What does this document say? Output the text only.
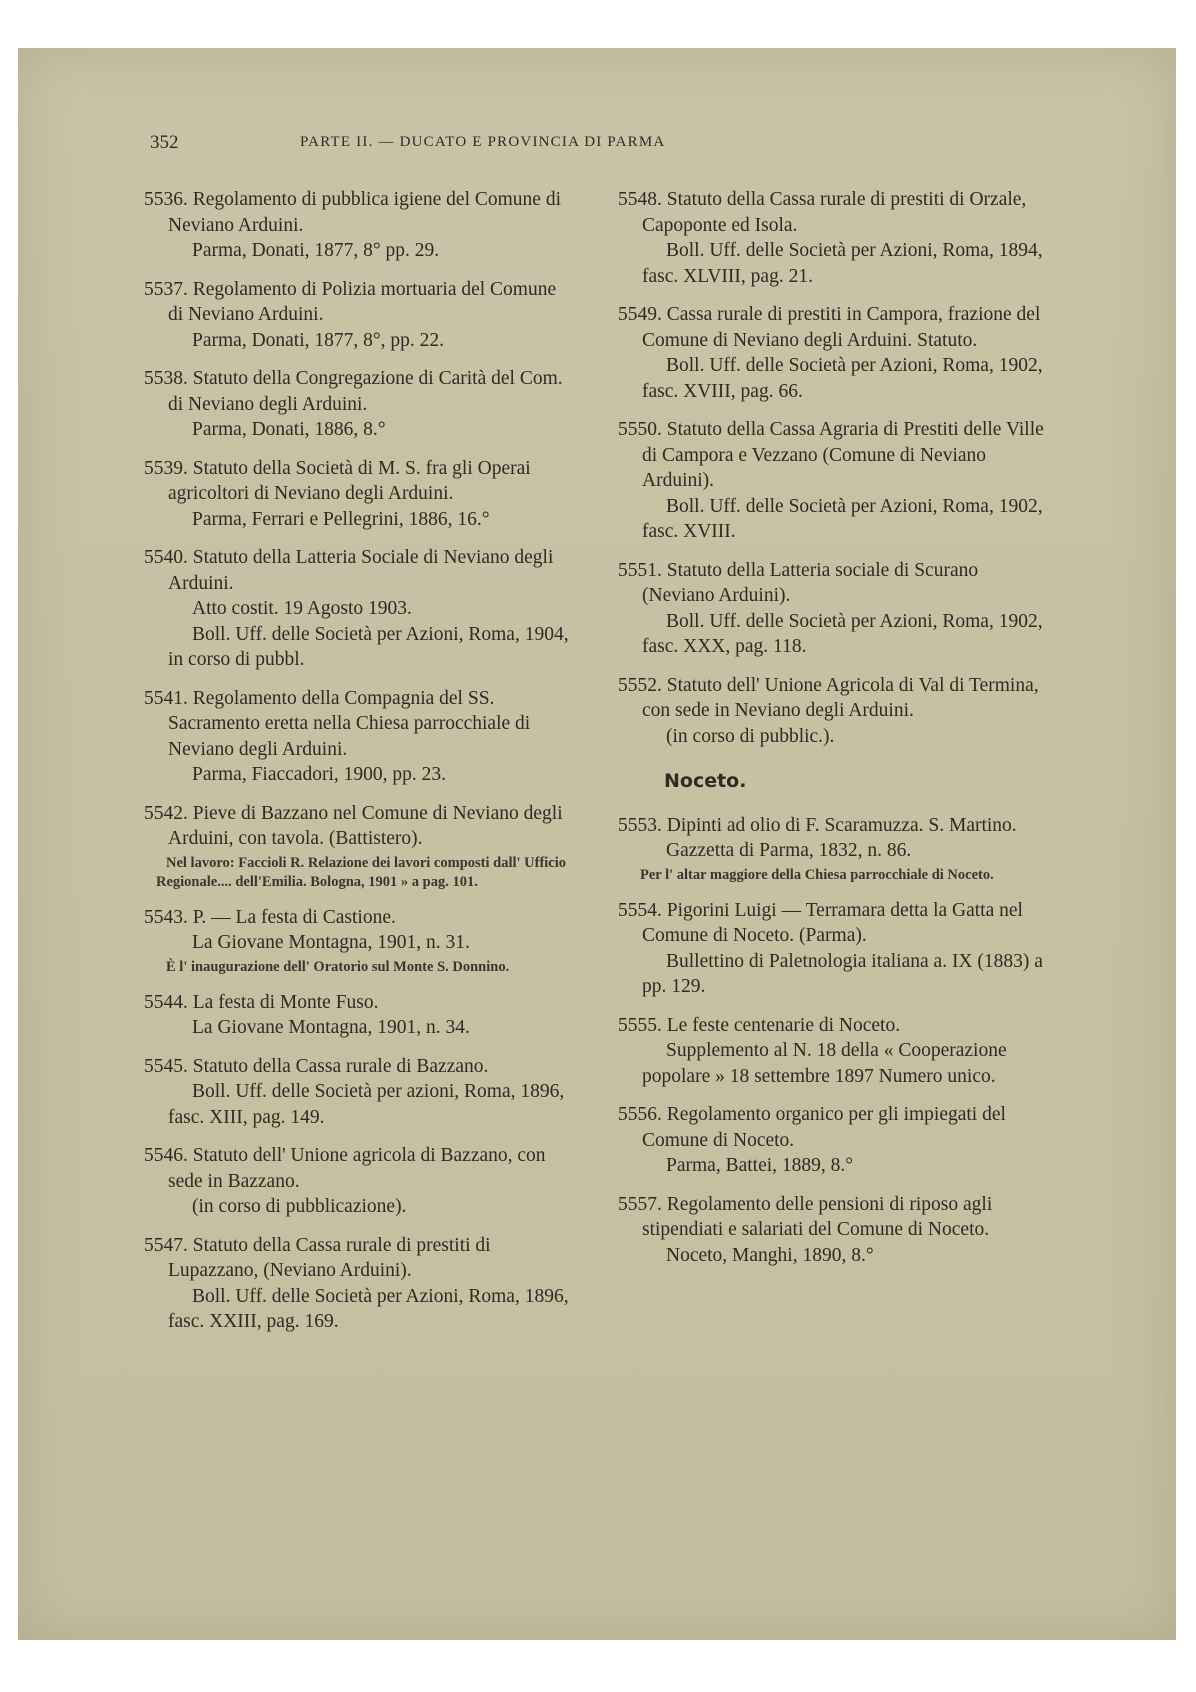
352	PARTE II. — DUCATO E PROVINCIA DI PARMA

5536. Regolamento di pubblica igiene del Comune di Neviano Arduini.

Parma, Donati, 1877, 8° pp. 29.

5537. Regolamento di Polizia mortuaria del Comune di Neviano Arduini.

Parma, Donati, 1877, 8°, pp. 22.

5538. Statuto della Congregazione di Carità del Com. di Neviano degli Arduini.

Parma, Donati, 1886, 8.°

5539. Statuto della Società di M. S. fra gli Operai agricoltori di Neviano degli Arduini.

Parma, Ferrari e Pellegrini, 1886, 16.°

5540. Statuto della Latteria Sociale di Neviano degli Arduini.

Atto costit. 19 Agosto 1903.

Boll. Uff. delle Società per Azioni, Roma, 1904, in corso di pubbl.

5541. Regolamento della Compagnia del SS. Sacramento eretta nella Chiesa parrocchiale di Neviano degli Arduini.

Parma, Fiaccadori, 1900, pp. 23.

5542. Pieve di Bazzano nel Comune di Neviano degli Arduini, con tavola. (Battistero).

Nel lavoro: Faccioli R. Relazione dei lavori composti dall' Ufficio Regionale.... dell'Emilia. Bologna, 1901 » a pag. 101.

5543. P. — La festa di Castione.

La Giovane Montagna, 1901, n. 31.

È l' inaugurazione dell' Oratorio sul Monte S. Donnino.

5544. La festa di Monte Fuso.

La Giovane Montagna, 1901, n. 34.

5545. Statuto della Cassa rurale di Bazzano.

Boll. Uff. delle Società per azioni, Roma, 1896, fasc. XIII, pag. 149.

5546. Statuto dell' Unione agricola di Bazzano, con sede in Bazzano.

(in corso di pubblicazione).

5547. Statuto della Cassa rurale di prestiti di Lupazzano, (Neviano Arduini).

Boll. Uff. delle Società per Azioni, Roma, 1896, fasc. XXIII, pag. 169.

5548. Statuto della Cassa rurale di prestiti di Orzale, Capoponte ed Isola.

Boll. Uff. delle Società per Azioni, Roma, 1894, fasc. XLVIII, pag. 21.

5549. Cassa rurale di prestiti in Campora, frazione del Comune di Neviano degli Arduini. Statuto.

Boll. Uff. delle Società per Azioni, Roma, 1902, fasc. XVIII, pag. 66.

5550. Statuto della Cassa Agraria di Prestiti delle Ville di Campora e Vezzano (Comune di Neviano Arduini).

Boll. Uff. delle Società per Azioni, Roma, 1902, fasc. XVIII.

5551. Statuto della Latteria sociale di Scurano (Neviano Arduini).

Boll. Uff. delle Società per Azioni, Roma, 1902, fasc. XXX, pag. 118.

5552. Statuto dell' Unione Agricola di Val di Termina, con sede in Neviano degli Arduini.

(in corso di pubblic.).

Noceto.

5553. Dipinti ad olio di F. Scaramuzza. S. Martino.

Gazzetta di Parma, 1832, n. 86.

Per l' altar maggiore della Chiesa parrocchiale di Noceto.

5554. Pigorini Luigi — Terramara detta la Gatta nel Comune di Noceto. (Parma).

Bullettino di Paletnologia italiana a. IX (1883) a pp. 129.

5555. Le feste centenarie di Noceto.

Supplemento al N. 18 della « Cooperazione popolare » 18 settembre 1897 Numero unico.

5556. Regolamento organico per gli impiegati del Comune di Noceto.

Parma, Battei, 1889, 8.°

5557. Regolamento delle pensioni di riposo agli stipendiati e salariati del Comune di Noceto.

Noceto, Manghi, 1890, 8.°
